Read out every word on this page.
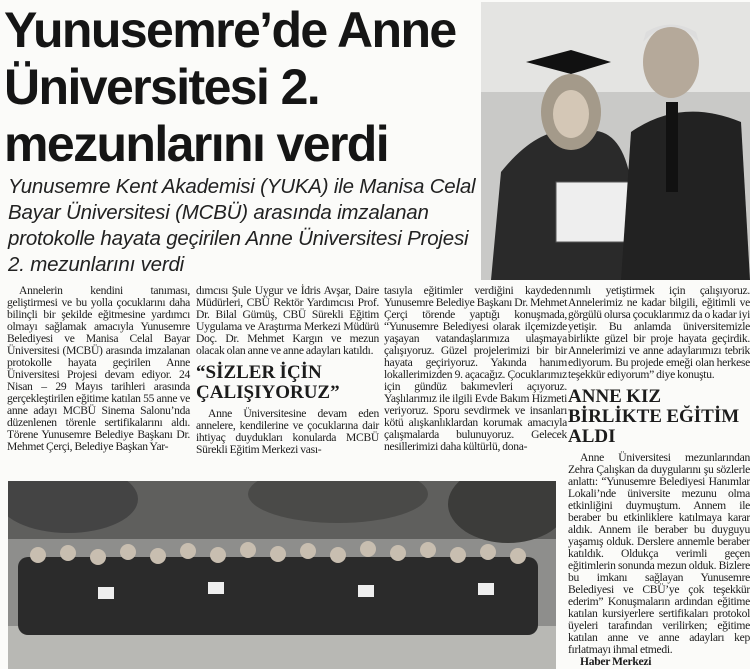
Yunusemre’de Anne Üniversitesi 2. mezunlarını verdi
Yunusemre Kent Akademisi (YUKA) ile Manisa Celal Bayar Üniversitesi (MCBÜ) arasında imzalanan protokolle hayata geçirilen Anne Üniversitesi Projesi 2. mezunlarını verdi

Annelerin kendini tanıması, geliştirmesi ve bu yolla çocuklarını daha bilinçli bir şekilde eğitmesine yardımcı olmayı sağlamak amacıyla Yunusemre Belediyesi ve Manisa Celal Bayar Üniversitesi (MCBÜ) arasında imzalanan protokolle hayata geçirilen Anne Üniversitesi Projesi devam ediyor. 24 Nisan – 29 Mayıs tarihleri arasında gerçekleştirilen eğitime katılan 55 anne ve anne adayı MCBÜ Sinema Salonu’nda düzenlenen törenle sertifikalarını aldı. Törene Yunusemre Belediye Başkanı Dr. Mehmet Çerçi, Belediye Başkan Yar-

dımcısı Şule Uygur ve İdris Avşar, Daire Müdürleri, CBÜ Rektör Yardımcısı Prof. Dr. Bilal Gümüş, CBÜ Sürekli Eğitim Uygulama ve Araştırma Merkezi Müdürü Doç. Dr. Mehmet Kargın ve mezun olacak olan anne ve anne adayları katıldı.

“SİZLER İÇİN ÇALIŞIYORUZ”

Anne Üniversitesine devam eden annelere, kendilerine ve çocuklarına dair ihtiyaç duydukları konularda MCBÜ Sürekli Eğitim Merkezi vası-

tasıyla eğitimler verdiğini kaydeden Yunusemre Belediye Başkanı Dr. Mehmet Çerçi törende yaptığı konuşmada, “Yunusemre Belediyesi olarak ilçemizde yaşayan vatandaşlarımıza ulaşmaya çalışıyoruz. Güzel projelerimizi bir bir hayata geçiriyoruz. Yakında hanım lokallerimizden 9. açacağız. Çocuklarımız için gündüz bakımevleri açıyoruz. Yaşlılarımız ile ilgili Evde Bakım Hizmeti veriyoruz. Sporu sevdirmek ve insanları kötü alışkanlıklardan korumak amacıyla çalışmalarda bulunuyoruz. Gelecek nesillerimizi daha kültürlü, dona-

nımlı yetiştirmek için çalışıyoruz. Annelerimiz ne kadar bilgili, eğitimli ve görgülü olursa çocuklarımız da o kadar iyi yetişir. Bu anlamda üniversitemizle birlikte güzel bir proje hayata geçirdik. Annelerimizi ve anne adaylarımızı tebrik ediyorum. Bu projede emeği olan herkese teşekkür ediyorum” diye konuştu.

ANNE KIZ BİRLİKTE EĞİTİM ALDI

Anne Üniversitesi mezunlarından Zehra Çalışkan da duygularını şu sözlerle anlattı: “Yunusemre Belediyesi Hanımlar Lokali’nde üniversite mezunu olma etkinliğini duymuştum. Annem ile beraber bu etkinliklere katılmaya karar aldık. Annem ile beraber bu duyguyu yaşamış olduk. Derslere annemle beraber katıldık. Oldukça verimli geçen eğitimlerin sonunda mezun olduk. Bizlere bu imkanı sağlayan Yunusemre Belediyesi ve CBÜ’ye çok teşekkür ederim” Konuşmaların ardından eğitime katılan kursiyerlere sertifikaları protokol üyeleri tarafından verilirken; eğitime katılan anne ve anne adayları kep fırlatmayı ihmal etmedi.

Haber Merkezi
